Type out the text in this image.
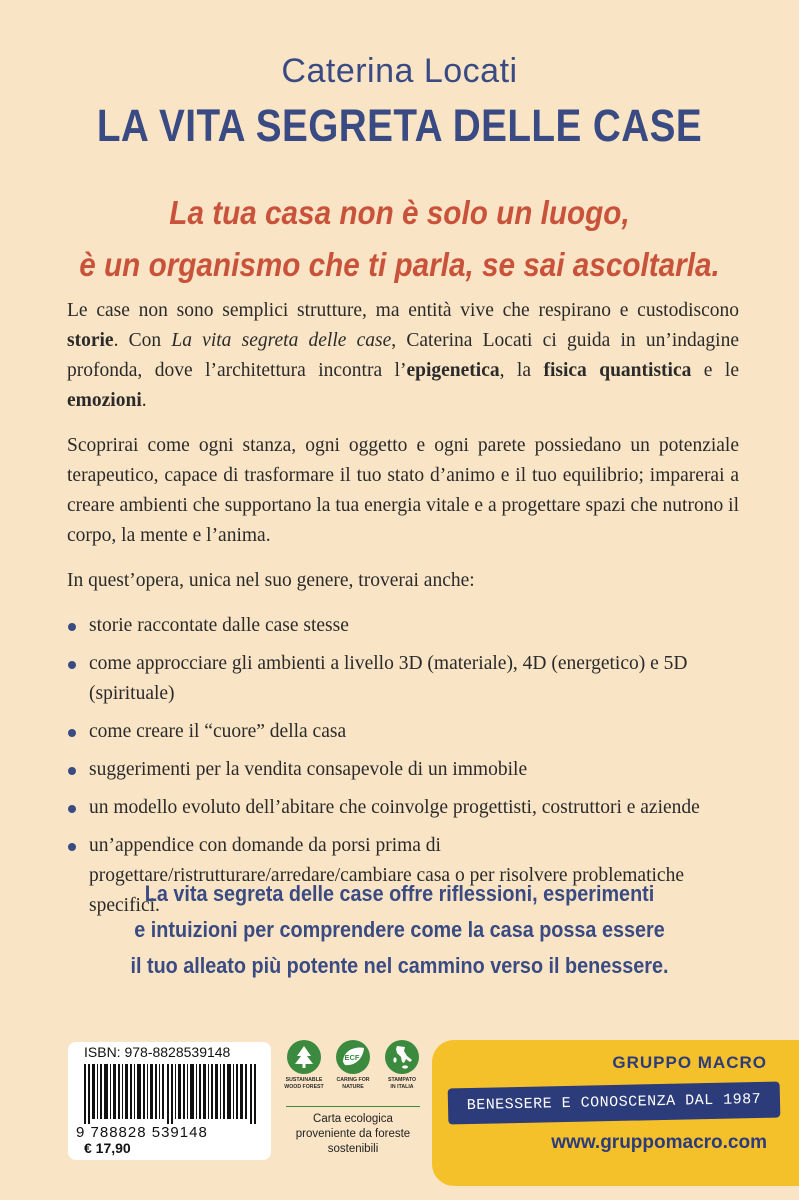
Caterina Locati
LA VITA SEGRETA DELLE CASE
La tua casa non è solo un luogo,
è un organismo che ti parla, se sai ascoltarla.

Le case non sono semplici strutture, ma entità vive che respirano e custodiscono storie. Con La vita segreta delle case, Caterina Locati ci guida in un’indagine profonda, dove l’architettura incontra l’epigenetica, la fisica quantistica e le emozioni.

Scoprirai come ogni stanza, ogni oggetto e ogni parete possiedano un potenziale terapeutico, capace di trasformare il tuo stato d’animo e il tuo equilibrio; imparerai a creare ambienti che supportano la tua energia vitale e a progettare spazi che nutrono il corpo, la mente e l’anima.

In quest’opera, unica nel suo genere, troverai anche:

storie raccontate dalle case stesse
come approcciare gli ambienti a livello 3D (materiale), 4D (energetico) e 5D (spirituale)
come creare il “cuore” della casa
suggerimenti per la vendita consapevole di un immobile
un modello evoluto dell’abitare che coinvolge progettisti, costruttori e aziende
un’appendice con domande da porsi prima di progettare/ristrutturare/arredare/cambiare casa o per risolvere problematiche specifici.
La vita segreta delle case offre riflessioni, esperimenti
e intuizioni per comprendere come la casa possa essere
il tuo alleato più potente nel cammino verso il benessere.
ISBN: 978-8828539148
9 788828 539148
€ 17,90
SUSTAINABLE
WOOD FOREST
ECF
CARING FOR
NATURE
STAMPATO
IN ITALIA
Carta ecologica proveniente da foreste sostenibili
GRUPPO MACRO
BENESSERE E CONOSCENZA DAL 1987
www.gruppomacro.com
